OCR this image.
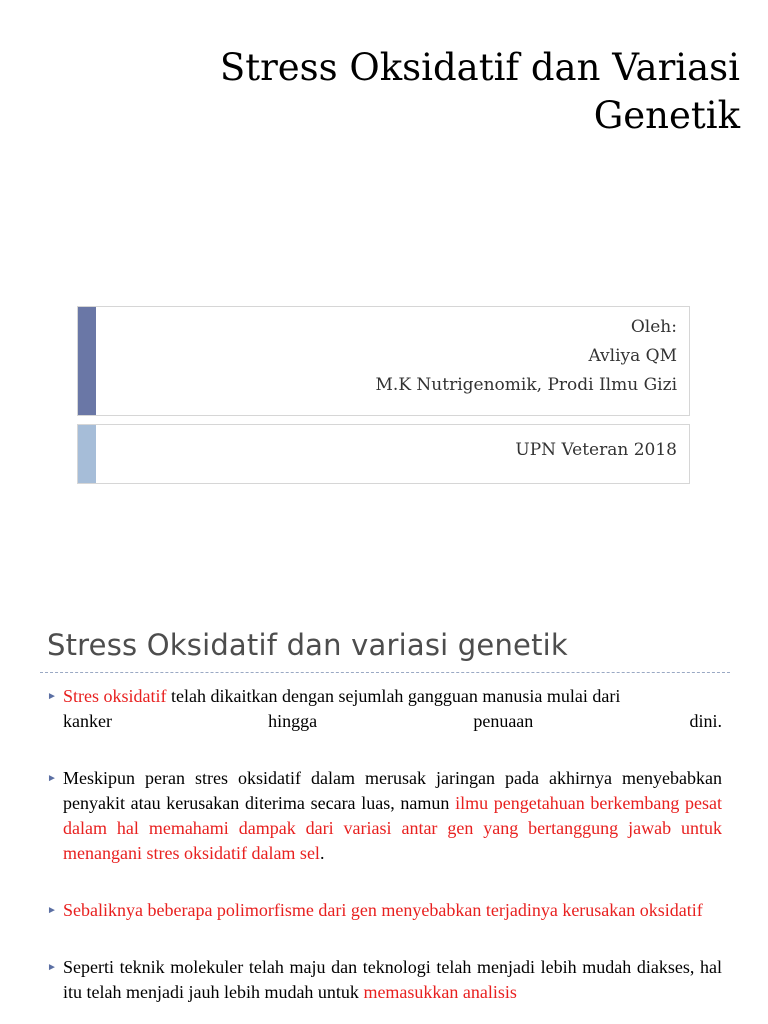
Stress Oksidatif dan Variasi
Genetik
Oleh:
Avliya QM
M.K Nutrigenomik, Prodi Ilmu Gizi
UPN Veteran 2018
Stress Oksidatif dan variasi genetik
► Stres oksidatif telah dikaitkan dengan sejumlah gangguan manusia mulai dari
kanker	hingga	penuaan	dini.
► Meskipun peran stres oksidatif dalam merusak jaringan pada akhirnya menyebabkan penyakit atau kerusakan diterima secara luas, namun ilmu pengetahuan berkembang pesat dalam hal memahami dampak dari variasi antar gen yang bertanggung jawab untuk menangani stres oksidatif dalam sel.
► Sebaliknya beberapa polimorfisme dari gen menyebabkan terjadinya kerusakan oksidatif
► Seperti teknik molekuler telah maju dan teknologi telah menjadi lebih mudah diakses, hal itu telah menjadi jauh lebih mudah untuk memasukkan analisis
